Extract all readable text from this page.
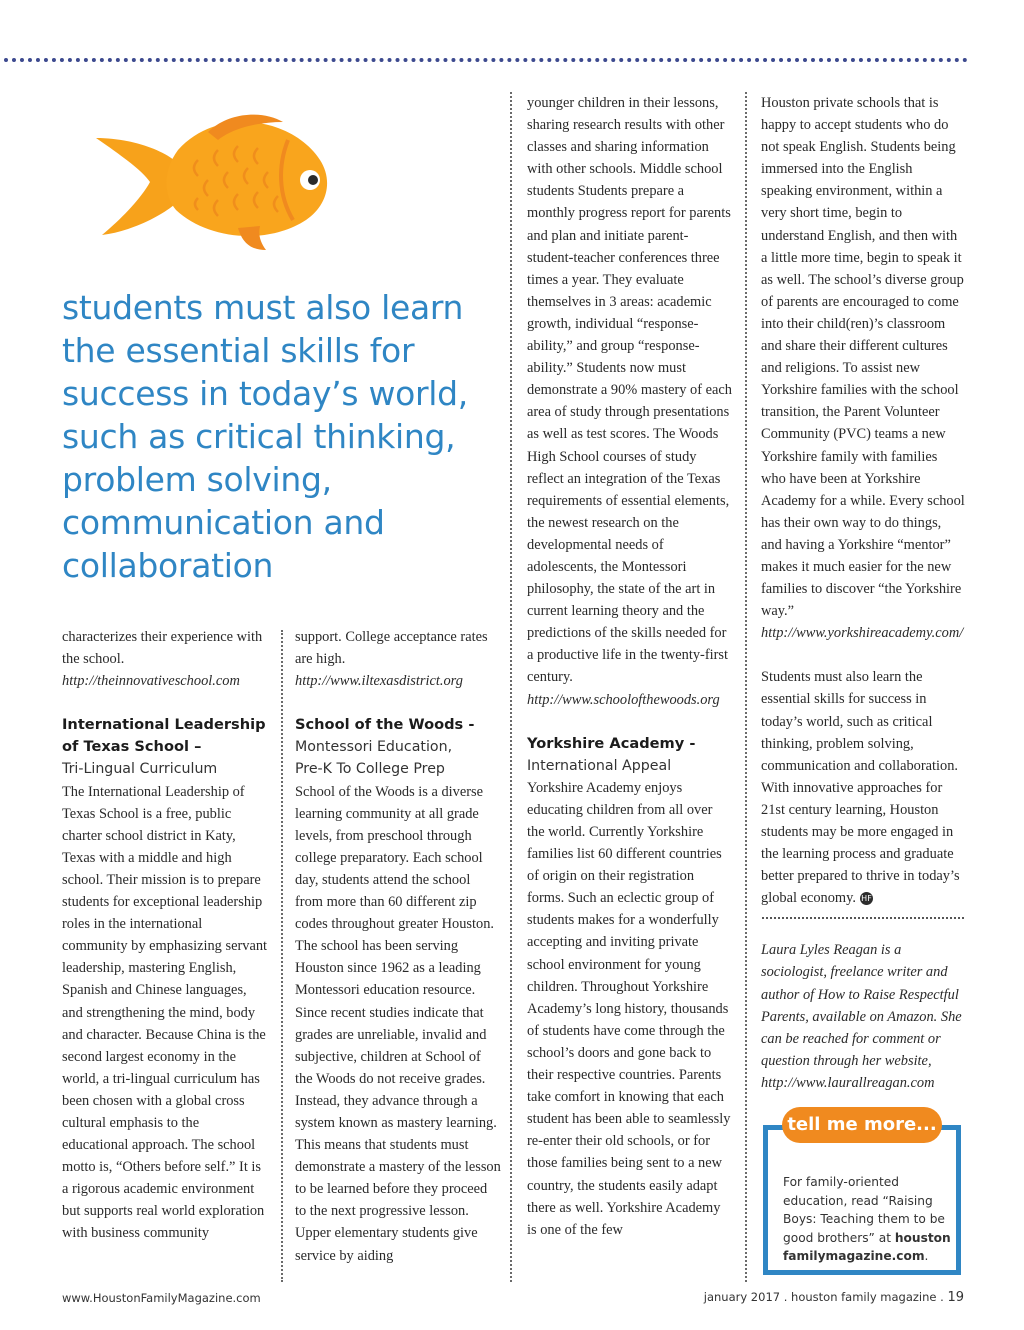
students must also learn the essential skills for success in today’s world, such as critical thinking, problem solving, communication and collaboration

characterizes their experience with the school.

http://theinnovativeschool.com

International Leadership of Texas School –
Tri-Lingual Curriculum

The International Leadership of Texas School is a free, public charter school district in Katy, Texas with a middle and high school. Their mission is to prepare students for exceptional leadership roles in the international community by emphasizing servant leadership, mastering English, Spanish and Chinese languages, and strengthening the mind, body and character. Because China is the second largest economy in the world, a tri-lingual curriculum has been chosen with a global cross cultural emphasis to the educational approach. The school motto is, “Others before self.” It is a rigorous academic environment but supports real world exploration with business community

support. College acceptance rates are high.

http://www.iltexasdistrict.org

School of the Woods -
Montessori Education,
Pre-K To College Prep

School of the Woods is a diverse learning community at all grade levels, from preschool through college preparatory. Each school day, students attend the school from more than 60 different zip codes throughout greater Houston. The school has been serving Houston since 1962 as a leading Montessori education resource. Since recent studies indicate that grades are unreliable, invalid and subjective, children at School of the Woods do not receive grades. Instead, they advance through a system known as mastery learning. This means that students must demonstrate a mastery of the lesson to be learned before they proceed to the next progressive lesson. Upper elementary students give service by aiding

younger children in their lessons, sharing research results with other classes and sharing information with other schools. Middle school students Students prepare a monthly progress report for parents and plan and initiate parent-student-teacher conferences three times a year. They evaluate themselves in 3 areas: academic growth, individual “response-ability,” and group “response-ability.” Students now must demonstrate a 90% mastery of each area of study through presentations as well as test scores. The Woods High School courses of study reflect an integration of the Texas requirements of essential elements, the newest research on the developmental needs of adolescents, the Montessori philosophy, the state of the art in current learning theory and the predictions of the skills needed for a productive life in the twenty-first century.

http://www.schoolofthewoods.org

Yorkshire Academy -
International Appeal

Yorkshire Academy enjoys educating children from all over the world. Currently Yorkshire families list 60 different countries of origin on their registration forms. Such an eclectic group of students makes for a wonderfully accepting and inviting private school environment for young children. Throughout Yorkshire Academy’s long history, thousands of students have come through the school’s doors and gone back to their respective countries. Parents take comfort in knowing that each student has been able to seamlessly re-enter their old schools, or for those families being sent to a new country, the students easily adapt there as well. Yorkshire Academy is one of the few

Houston private schools that is happy to accept students who do not speak English. Students being immersed into the English speaking environment, within a very short time, begin to understand English, and then with a little more time, begin to speak it as well. The school’s diverse group of parents are encouraged to come into their child(ren)’s classroom and share their different cultures and religions. To assist new Yorkshire families with the school transition, the Parent Volunteer Community (PVC) teams a new Yorkshire family with families who have been at Yorkshire Academy for a while. Every school has their own way to do things, and having a Yorkshire “mentor” makes it much easier for the new families to discover “the Yorkshire way.”

http://www.yorkshireacademy.com/

Students must also learn the essential skills for success in today’s world, such as critical thinking, problem solving, communication and collaboration. With innovative approaches for 21st century learning, Houston students may be more engaged in the learning process and graduate better prepared to thrive in today’s global economy. HF

Laura Lyles Reagan is a sociologist, freelance writer and author of How to Raise Respectful Parents, available on Amazon. She can be reached for comment or question through her website, http://www.laurallreagan.com

tell me more...
For family-oriented education, read “Raising Boys: Teaching them to be good brothers” at houston familymagazine.com.
www.HoustonFamilyMagazine.com	january 2017 . houston family magazine . 19
